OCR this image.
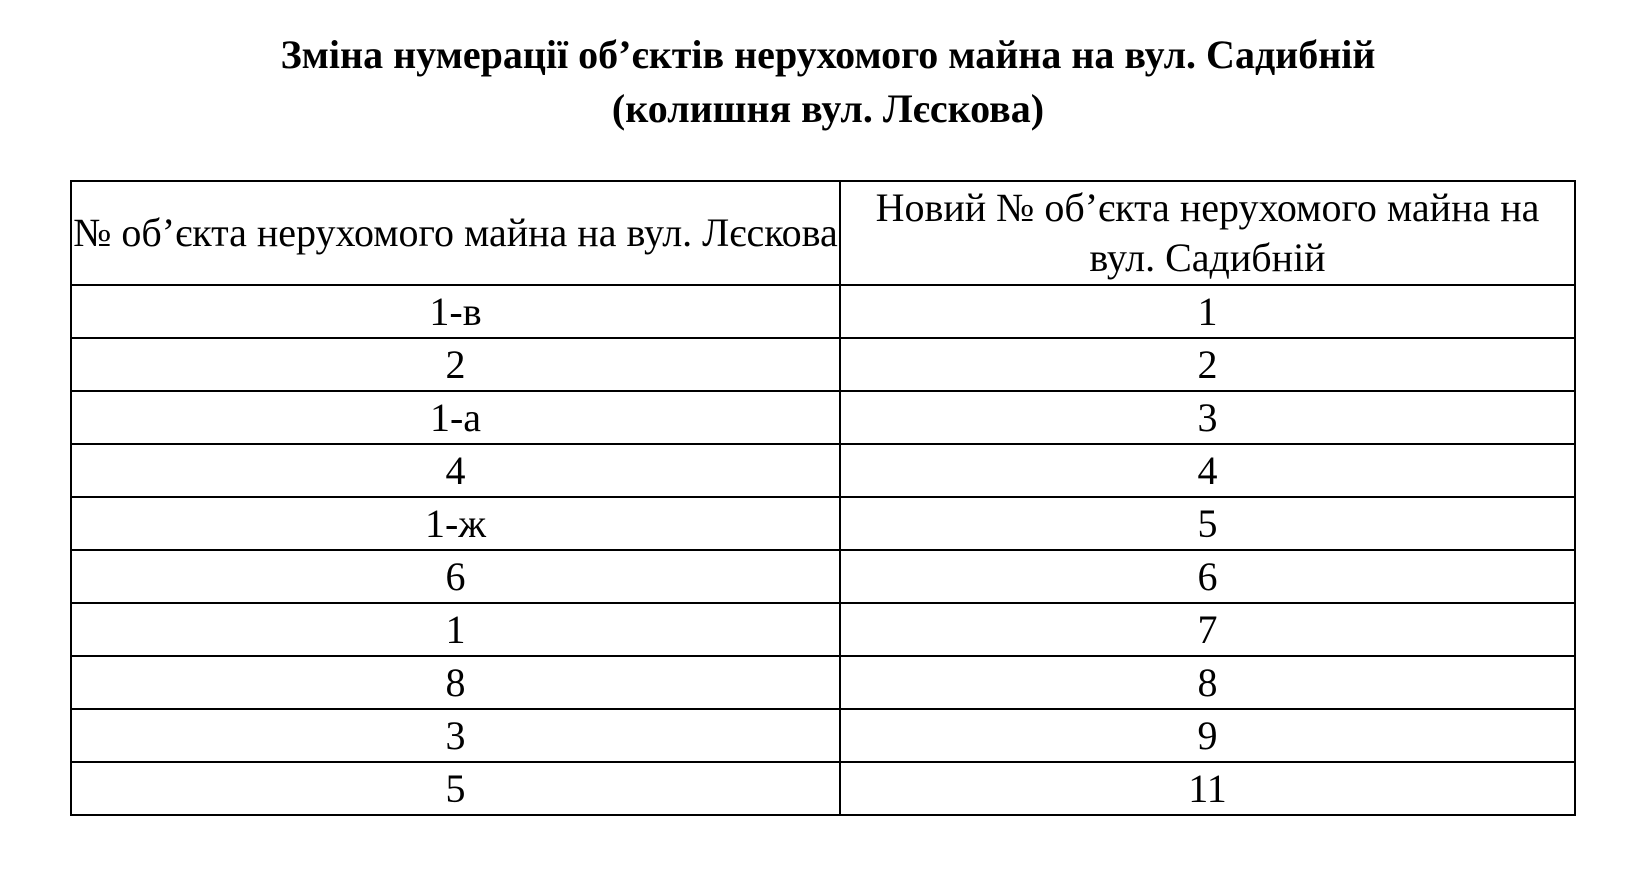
Зміна нумерації об’єктів нерухомого майна на вул. Садибній
(колишня вул. Лєскова)
№ об’єкта нерухомого майна на вул. Лєскова	Новий № об’єкта нерухомого майна на вул. Садибній
1-в	1
2	2
1-а	3
4	4
1-ж	5
6	6
1	7
8	8
3	9
5	11
